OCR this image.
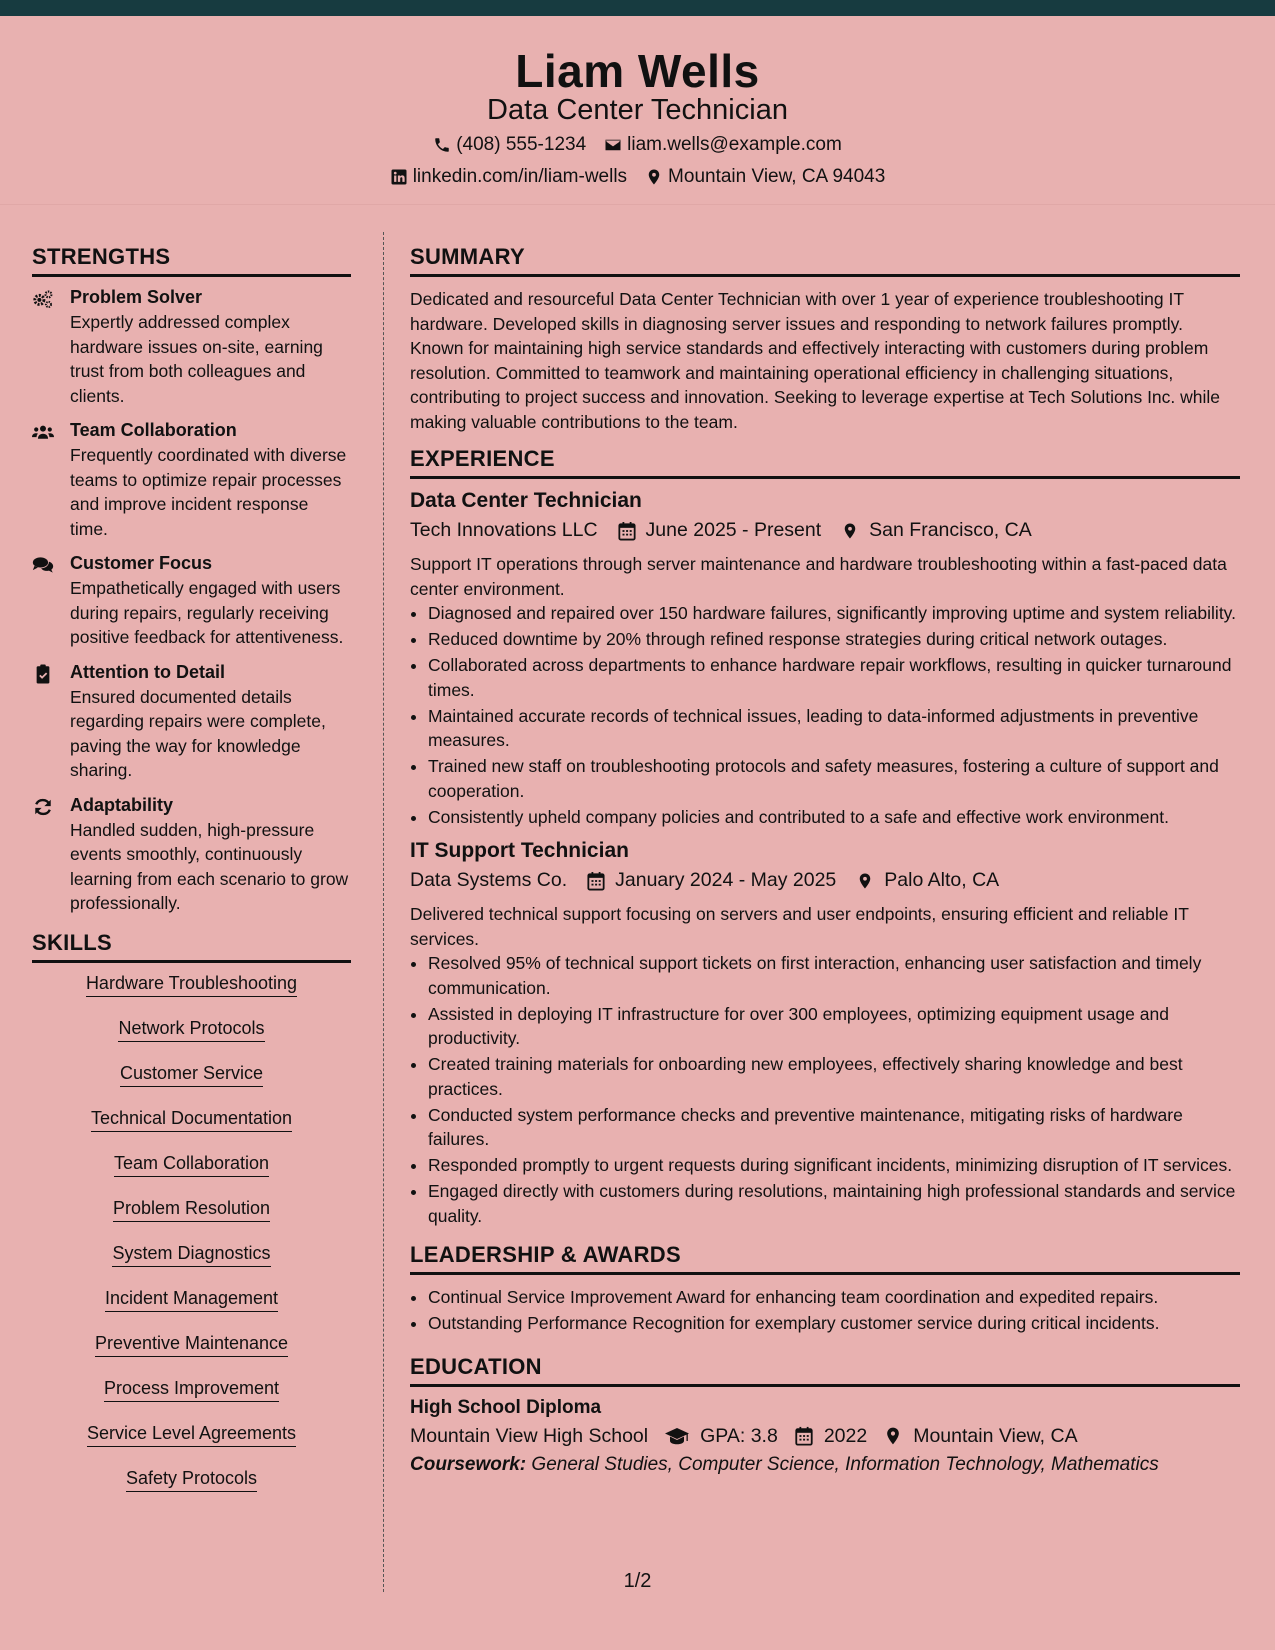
Liam Wells
Data Center Technician
(408) 555-1234 liam.wells@example.com
linkedin.com/in/liam-wells Mountain View, CA 94043
STRENGTHS
Problem Solver
Expertly addressed complex hardware issues on-site, earning trust from both colleagues and clients.
Team Collaboration
Frequently coordinated with diverse teams to optimize repair processes and improve incident response time.
Customer Focus
Empathetically engaged with users during repairs, regularly receiving positive feedback for attentiveness.
Attention to Detail
Ensured documented details regarding repairs were complete, paving the way for knowledge sharing.
Adaptability
Handled sudden, high-pressure events smoothly, continuously learning from each scenario to grow professionally.
SKILLS
Hardware Troubleshooting
Network Protocols
Customer Service
Technical Documentation
Team Collaboration
Problem Resolution
System Diagnostics
Incident Management
Preventive Maintenance
Process Improvement
Service Level Agreements
Safety Protocols
SUMMARY
Dedicated and resourceful Data Center Technician with over 1 year of experience troubleshooting IT hardware. Developed skills in diagnosing server issues and responding to network failures promptly. Known for maintaining high service standards and effectively interacting with customers during problem resolution. Committed to teamwork and maintaining operational efficiency in challenging situations, contributing to project success and innovation. Seeking to leverage expertise at Tech Solutions Inc. while making valuable contributions to the team.
EXPERIENCE
Data Center Technician
Tech Innovations LLC June 2025 - Present San Francisco, CA
Support IT operations through server maintenance and hardware troubleshooting within a fast-paced data center environment.
• Diagnosed and repaired over 150 hardware failures, significantly improving uptime and system reliability.
• Reduced downtime by 20% through refined response strategies during critical network outages.
• Collaborated across departments to enhance hardware repair workflows, resulting in quicker turnaround times.
• Maintained accurate records of technical issues, leading to data-informed adjustments in preventive measures.
• Trained new staff on troubleshooting protocols and safety measures, fostering a culture of support and cooperation.
• Consistently upheld company policies and contributed to a safe and effective work environment.
IT Support Technician
Data Systems Co. January 2024 - May 2025 Palo Alto, CA
Delivered technical support focusing on servers and user endpoints, ensuring efficient and reliable IT services.
• Resolved 95% of technical support tickets on first interaction, enhancing user satisfaction and timely communication.
• Assisted in deploying IT infrastructure for over 300 employees, optimizing equipment usage and productivity.
• Created training materials for onboarding new employees, effectively sharing knowledge and best practices.
• Conducted system performance checks and preventive maintenance, mitigating risks of hardware failures.
• Responded promptly to urgent requests during significant incidents, minimizing disruption of IT services.
• Engaged directly with customers during resolutions, maintaining high professional standards and service quality.
LEADERSHIP & AWARDS
• Continual Service Improvement Award for enhancing team coordination and expedited repairs.
• Outstanding Performance Recognition for exemplary customer service during critical incidents.
EDUCATION
High School Diploma
Mountain View High School	GPA: 3.8 2022 Mountain View, CA
Coursework: General Studies, Computer Science, Information Technology, Mathematics
1/2
